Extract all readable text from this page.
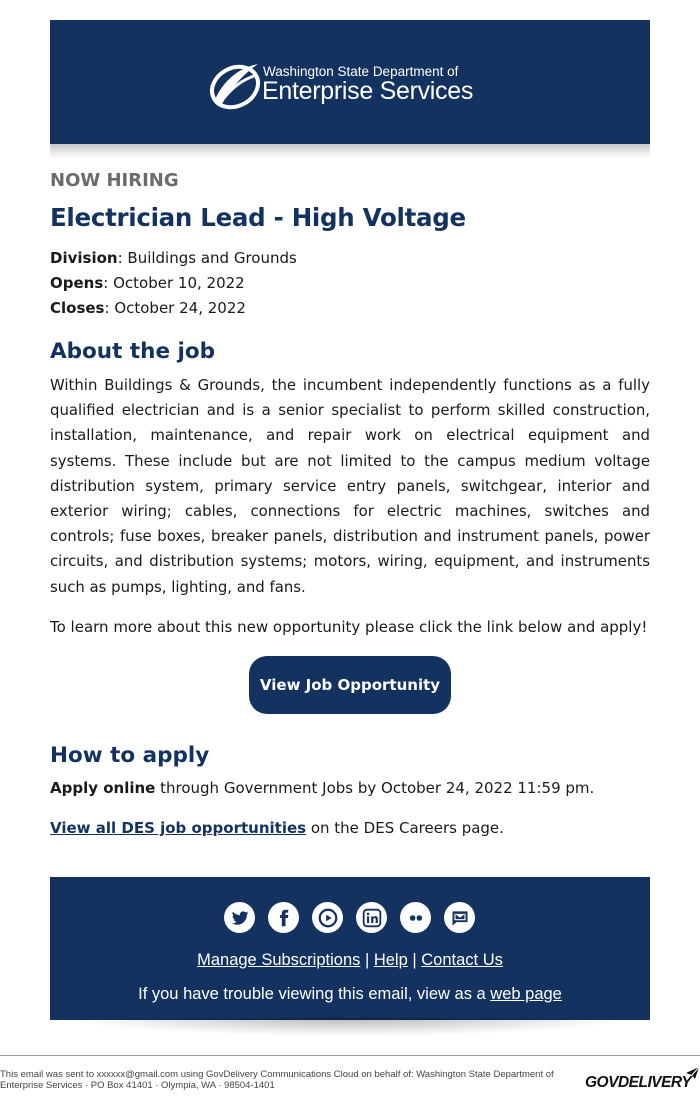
Washington State Department of
Enterprise Services
NOW HIRING
Electrician Lead - High Voltage
Division: Buildings and Grounds
Opens: October 10, 2022
Closes: October 24, 2022
About the job
Within Buildings & Grounds, the incumbent independently functions as a fully qualified electrician and is a senior specialist to perform skilled construction, installation, maintenance, and repair work on electrical equipment and systems. These include but are not limited to the campus medium voltage distribution system, primary service entry panels, switchgear, interior and exterior wiring; cables, connections for electric machines, switches and controls; fuse boxes, breaker panels, distribution and instrument panels, power circuits, and distribution systems; motors, wiring, equipment, and instruments such as pumps, lighting, and fans.
To learn more about this new opportunity please click the link below and apply!
View Job Opportunity
How to apply
Apply online through Government Jobs by October 24, 2022 11:59 pm.
View all DES job opportunities on the DES Careers page.
Manage Subscriptions | Help | Contact Us
If you have trouble viewing this email, view as a web page
This email was sent to xxxxxx@gmail.com using GovDelivery Communications Cloud on behalf of: Washington State Department of Enterprise Services · PO Box 41401 · Olympia, WA · 98504-1401	GOVDELIVERY
